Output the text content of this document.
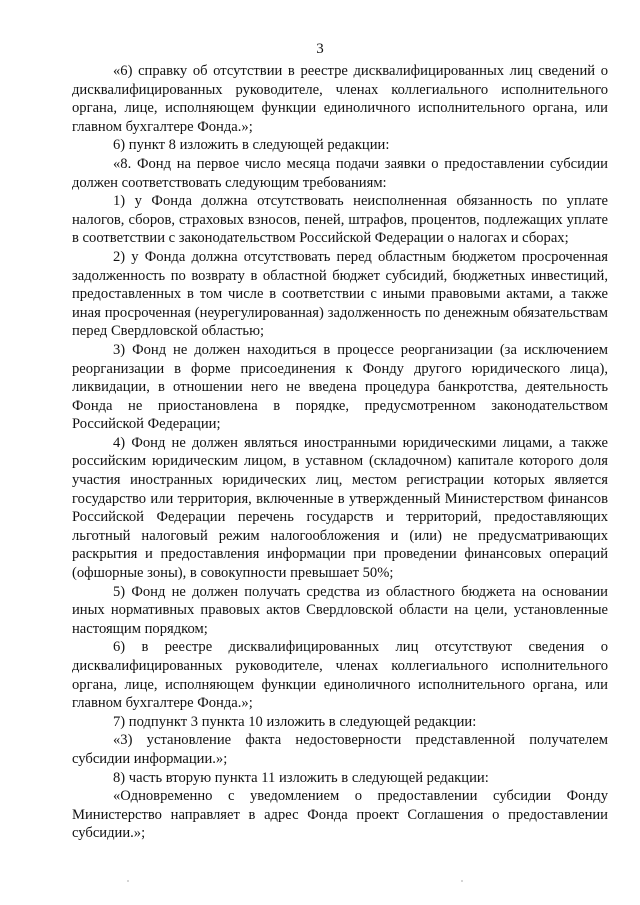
3

«6) справку об отсутствии в реестре дисквалифицированных лиц сведений о дисквалифицированных руководителе, членах коллегиального исполнительного органа, лице, исполняющем функции единоличного исполнительного органа, или главном бухгалтере Фонда.»;

6) пункт 8 изложить в следующей редакции:

«8. Фонд на первое число месяца подачи заявки о предоставлении субсидии должен соответствовать следующим требованиям:

1) у Фонда должна отсутствовать неисполненная обязанность по уплате налогов, сборов, страховых взносов, пеней, штрафов, процентов, подлежащих уплате в соответствии с законодательством Российской Федерации о налогах и сборах;

2) у Фонда должна отсутствовать перед областным бюджетом просроченная задолженность по возврату в областной бюджет субсидий, бюджетных инвестиций, предоставленных в том числе в соответствии с иными правовыми актами, а также иная просроченная (неурегулированная) задолженность по денежным обязательствам перед Свердловской областью;

3) Фонд не должен находиться в процессе реорганизации (за исключением реорганизации в форме присоединения к Фонду другого юридического лица), ликвидации, в отношении него не введена процедура банкротства, деятельность Фонда не приостановлена в порядке, предусмотренном законодательством Российской Федерации;

4) Фонд не должен являться иностранными юридическими лицами, а также российским юридическим лицом, в уставном (складочном) капитале которого доля участия иностранных юридических лиц, местом регистрации которых является государство или территория, включенные в утвержденный Министерством финансов Российской Федерации перечень государств и территорий, предоставляющих льготный налоговый режим налогообложения и (или) не предусматривающих раскрытия и предоставления информации при проведении финансовых операций (офшорные зоны), в совокупности превышает 50%;

5) Фонд не должен получать средства из областного бюджета на основании иных нормативных правовых актов Свердловской области на цели, установленные настоящим порядком;

6) в реестре дисквалифицированных лиц отсутствуют сведения о дисквалифицированных руководителе, членах коллегиального исполнительного органа, лице, исполняющем функции единоличного исполнительного органа, или главном бухгалтере Фонда.»;

7) подпункт 3 пункта 10 изложить в следующей редакции:

«3) установление факта недостоверности представленной получателем субсидии информации.»;

8) часть вторую пункта 11 изложить в следующей редакции:

«Одновременно с уведомлением о предоставлении субсидии Фонду Министерство направляет в адрес Фонда проект Соглашения о предоставлении субсидии.»;
